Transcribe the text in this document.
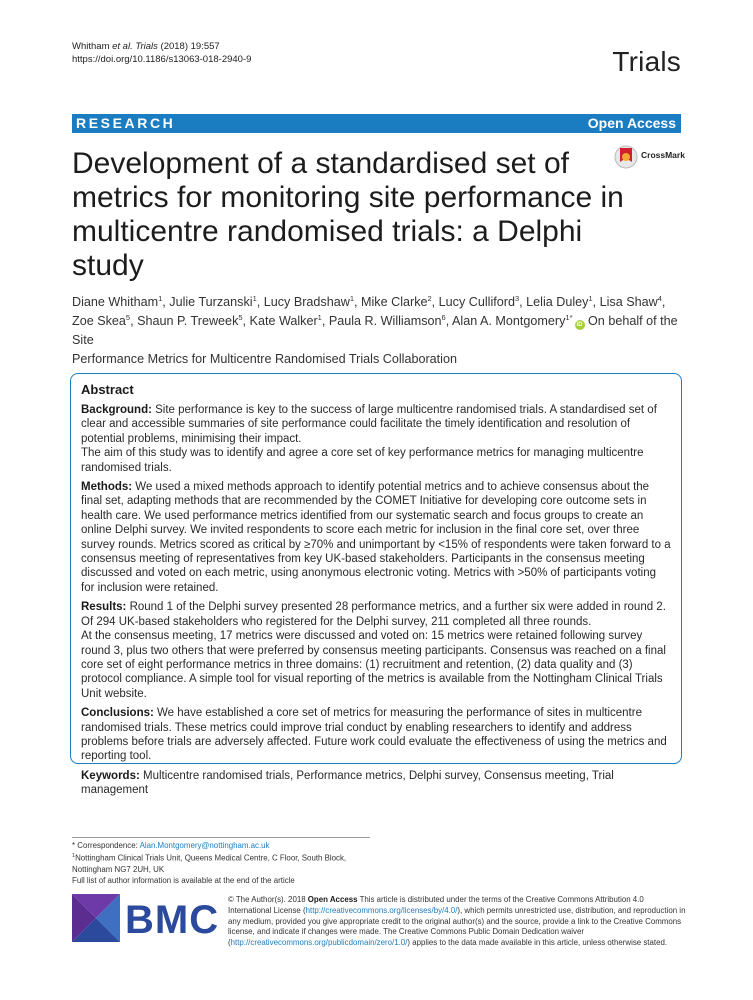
Whitham et al. Trials (2018) 19:557
https://doi.org/10.1186/s13063-018-2940-9	Trials
RESEARCH	Open Access
CrossMark
Development of a standardised set of
metrics for monitoring site performance in
multicentre randomised trials: a Delphi
study
Diane Whitham$^1$, Julie Turzanski$^1$, Lucy Bradshaw$^1$, Mike Clarke$^2$, Lucy Culliford$^3$, Lelia Duley$^1$, Lisa Shaw$^4$,
Zoe Skea$^5$, Shaun P. Treweek$^5$, Kate Walker$^1$, Paula R. Williamson$^6$, Alan A. Montgomery$^{1*}$iD On behalf of the Site
Performance Metrics for Multicentre Randomised Trials Collaboration
Abstract

Background: Site performance is key to the success of large multicentre randomised trials. A standardised set of clear and accessible summaries of site performance could facilitate the timely identification and resolution of potential problems, minimising their impact.

The aim of this study was to identify and agree a core set of key performance metrics for managing multicentre randomised trials.

Methods: We used a mixed methods approach to identify potential metrics and to achieve consensus about the final set, adapting methods that are recommended by the COMET Initiative for developing core outcome sets in health care. We used performance metrics identified from our systematic search and focus groups to create an online Delphi survey. We invited respondents to score each metric for inclusion in the final core set, over three survey rounds. Metrics scored as critical by ≥70% and unimportant by <15% of respondents were taken forward to a consensus meeting of representatives from key UK-based stakeholders. Participants in the consensus meeting discussed and voted on each metric, using anonymous electronic voting. Metrics with >50% of participants voting for inclusion were retained.

Results: Round 1 of the Delphi survey presented 28 performance metrics, and a further six were added in round 2. Of 294 UK-based stakeholders who registered for the Delphi survey, 211 completed all three rounds.

At the consensus meeting, 17 metrics were discussed and voted on: 15 metrics were retained following survey round 3, plus two others that were preferred by consensus meeting participants. Consensus was reached on a final core set of eight performance metrics in three domains: (1) recruitment and retention, (2) data quality and (3) protocol compliance. A simple tool for visual reporting of the metrics is available from the Nottingham Clinical Trials Unit website.

Conclusions: We have established a core set of metrics for measuring the performance of sites in multicentre randomised trials. These metrics could improve trial conduct by enabling researchers to identify and address problems before trials are adversely affected. Future work could evaluate the effectiveness of using the metrics and reporting tool.

Keywords: Multicentre randomised trials, Performance metrics, Delphi survey, Consensus meeting, Trial management

* Correspondence: Alan.Montgomery@nottingham.ac.uk
$^1$Nottingham Clinical Trials Unit, Queens Medical Centre, C Floor, South Block,
Nottingham NG7 2UH, UK
Full list of author information is available at the end of the article
BMC © The Author(s). 2018 Open Access This article is distributed under the terms of the Creative Commons Attribution 4.0 International License (http://creativecommons.org/licenses/by/4.0/), which permits unrestricted use, distribution, and reproduction in any medium, provided you give appropriate credit to the original author(s) and the source, provide a link to the Creative Commons license, and indicate if changes were made. The Creative Commons Public Domain Dedication waiver (http://creativecommons.org/publicdomain/zero/1.0/) applies to the data made available in this article, unless otherwise stated.
